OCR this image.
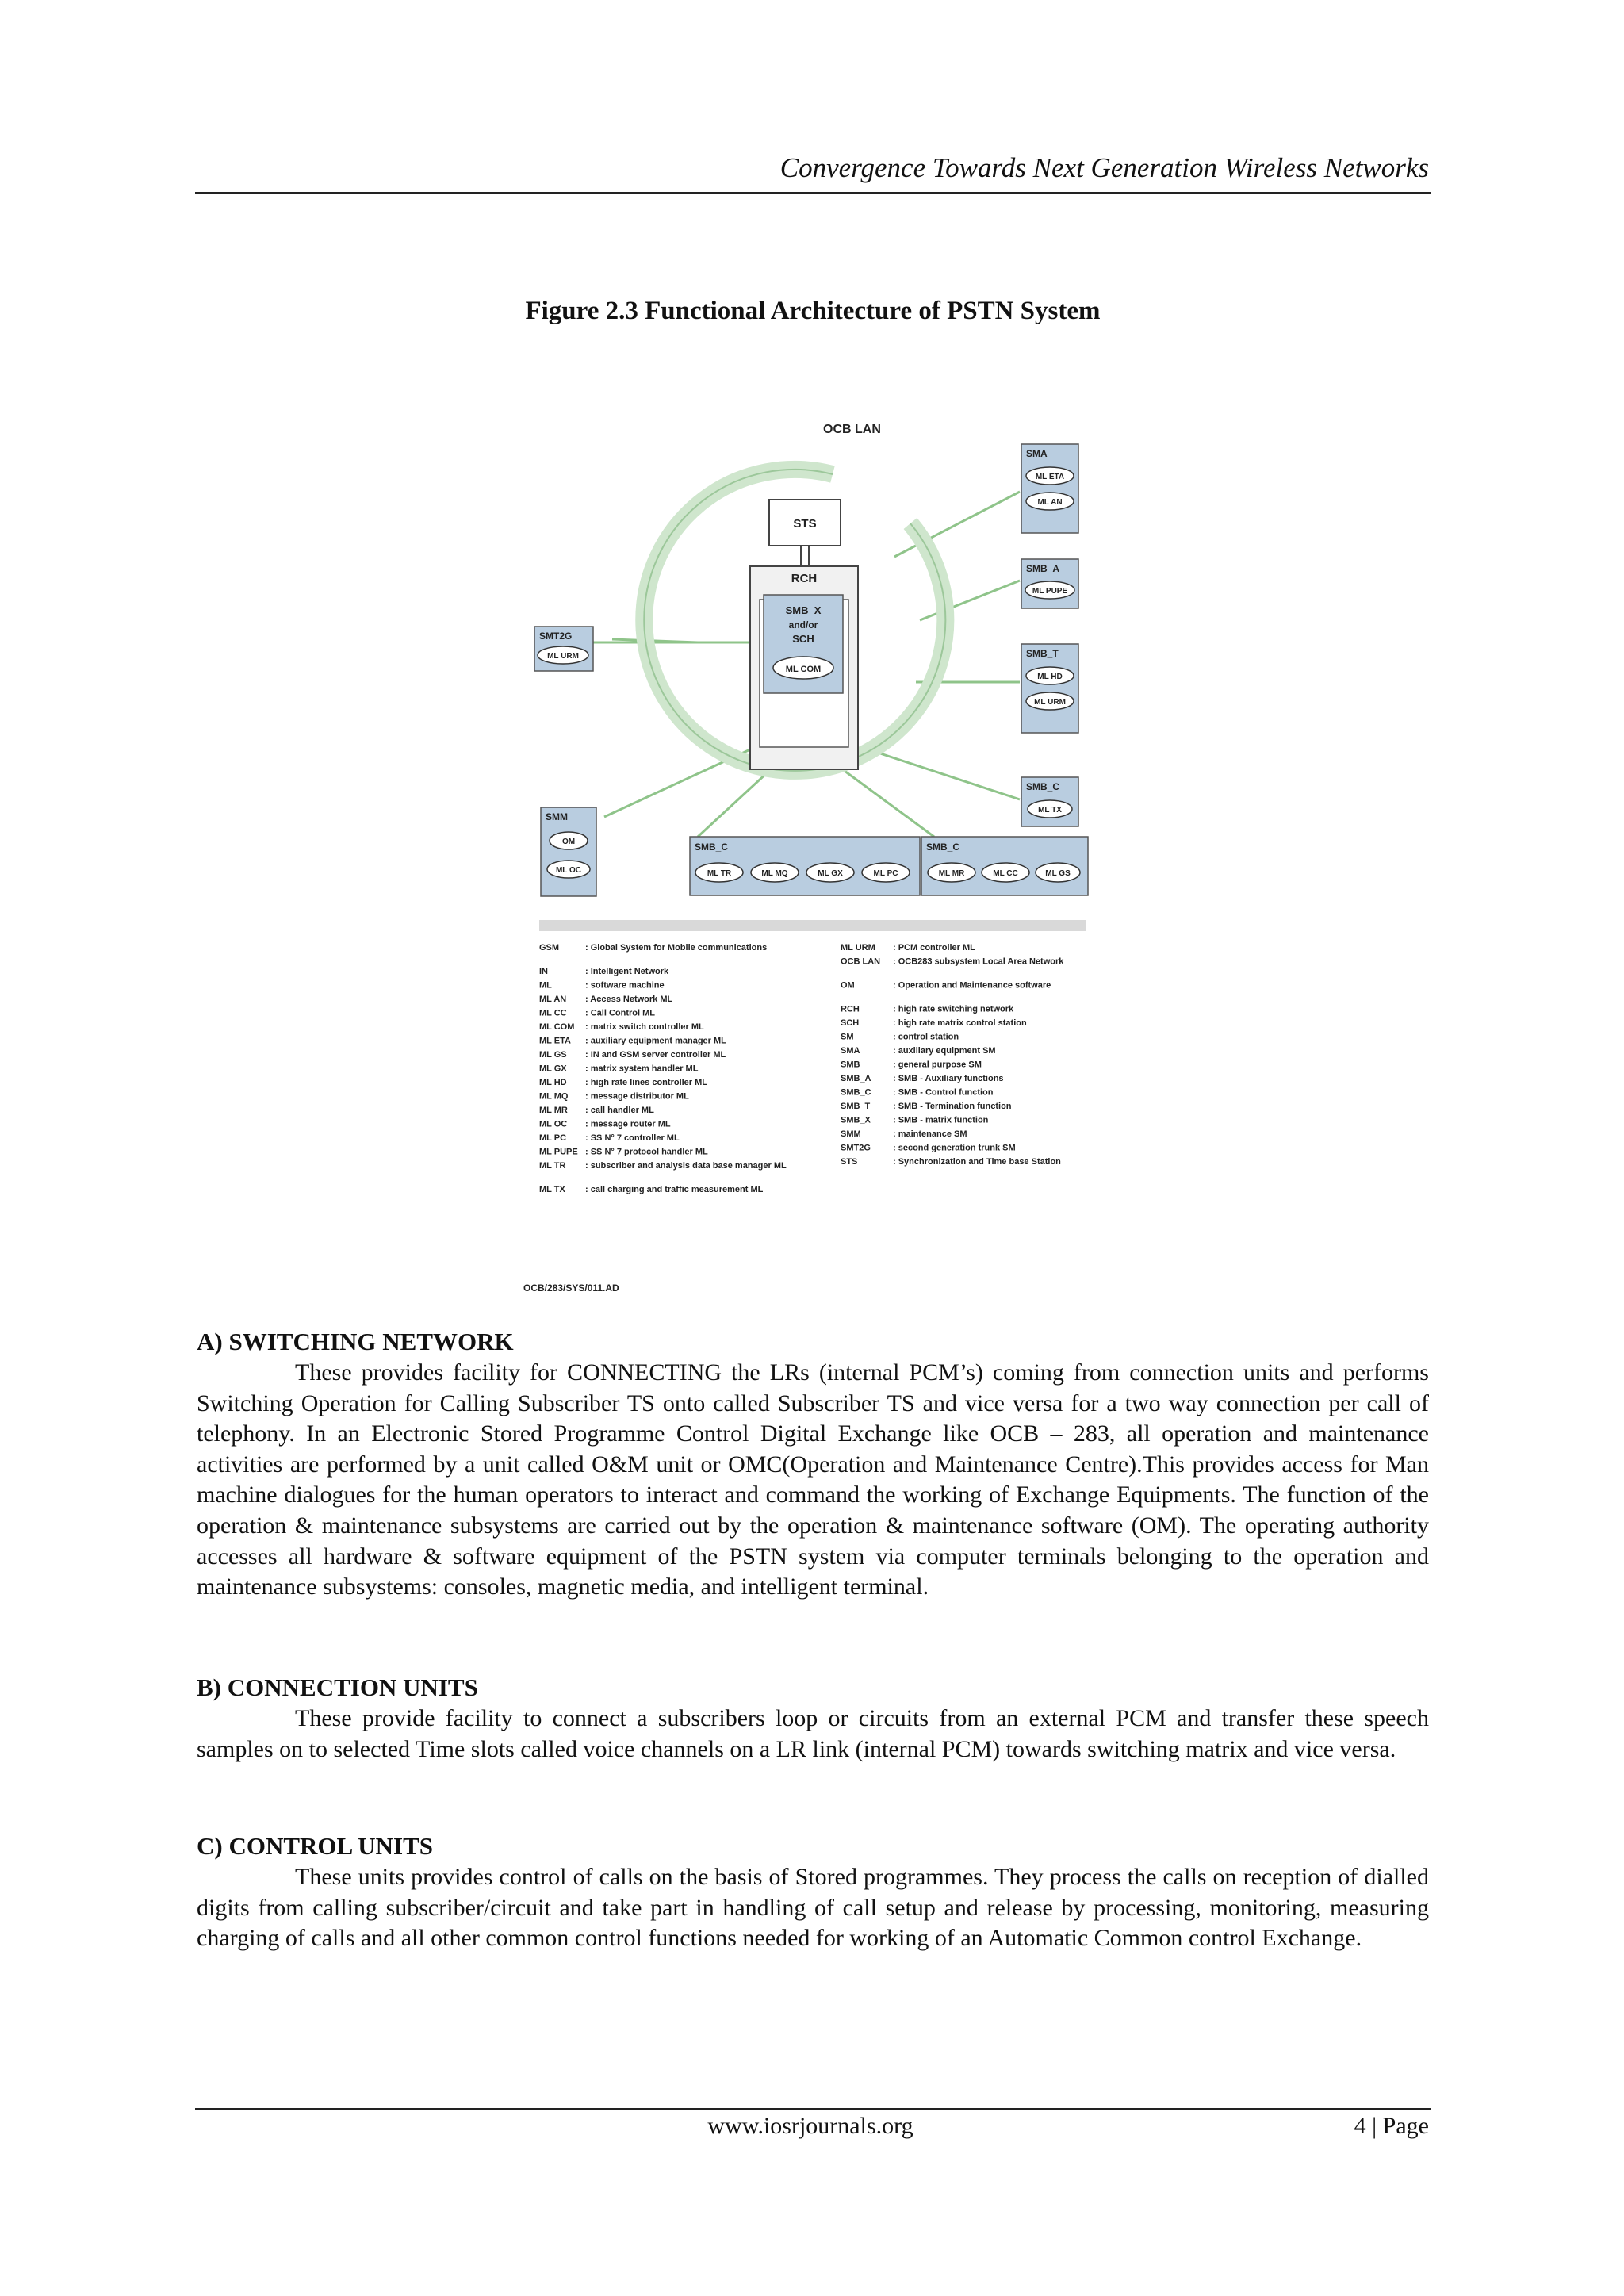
Convergence Towards Next Generation Wireless Networks
Figure 2.3 Functional Architecture of PSTN System
OCB LAN
STS
RCH
SMB_X
and/or
SCH
ML COM
SMT2G
ML URM
SMA
ML ETA
ML AN
SMB_A
ML PUPE
SMB_T
ML HD
ML URM
SMB_C
ML TX
SMM
OM
ML OC
SMB_C
ML TR	ML MQ	ML GX	ML PC
SMB_C
ML MR	ML CC	ML GS
GSM	: Global System for Mobile communications
IN	: Intelligent Network
ML	: software machine
ML AN : Access Network ML
ML CC : Call Control ML
ML COM : matrix switch controller ML
ML ETA : auxiliary equipment manager ML
ML GS : IN and GSM server controller ML
ML GX : matrix system handler ML
ML HD : high rate lines controller ML
ML MQ : message distributor ML
ML MR : call handler ML
ML OC : message router ML
ML PC : SS N° 7 controller ML
ML PUPE : SS N° 7 protocol handler ML
ML TR : subscriber and analysis data base manager ML
ML TX : call charging and traffic measurement ML
ML URM : PCM controller ML
OCB LAN : OCB283 subsystem Local Area Network
OM	: Operation and Maintenance software
RCH	: high rate switching network
SCH	: high rate matrix control station
SM	: control station
SMA	: auxiliary equipment SM
SMB	: general purpose SM
SMB_A : SMB - Auxiliary functions
SMB_C : SMB - Control function
SMB_T	: SMB - Termination function
SMB_X	: SMB - matrix function
SMM	: maintenance SM
SMT2G	: second generation trunk SM
STS	: Synchronization and Time base Station
OCB/283/SYS/011.AD
A) SWITCHING NETWORK

These provides facility for CONNECTING the LRs (internal PCM’s) coming from connection units and performs Switching Operation for Calling Subscriber TS onto called Subscriber TS and vice versa for a two way connection per call of telephony. In an Electronic Stored Programme Control Digital Exchange like OCB – 283, all operation and maintenance activities are performed by a unit called O&M unit or OMC(Operation and Maintenance Centre).This provides access for Man machine dialogues for the human operators to interact and command the working of Exchange Equipments. The function of the operation & maintenance subsystems are carried out by the operation & maintenance software (OM). The operating authority accesses all hardware & software equipment of the PSTN system via computer terminals belonging to the operation and maintenance subsystems: consoles, magnetic media, and intelligent terminal.

B) CONNECTION UNITS

These provide facility to connect a subscribers loop or circuits from an external PCM and transfer these speech samples on to selected Time slots called voice channels on a LR link (internal PCM) towards switching matrix and vice versa.

C) CONTROL UNITS

These units provides control of calls on the basis of Stored programmes. They process the calls on reception of dialled digits from calling subscriber/circuit and take part in handling of call setup and release by processing, monitoring, measuring charging of calls and all other common control functions needed for working of an Automatic Common control Exchange.

www.iosrjournals.org	4 | Page
